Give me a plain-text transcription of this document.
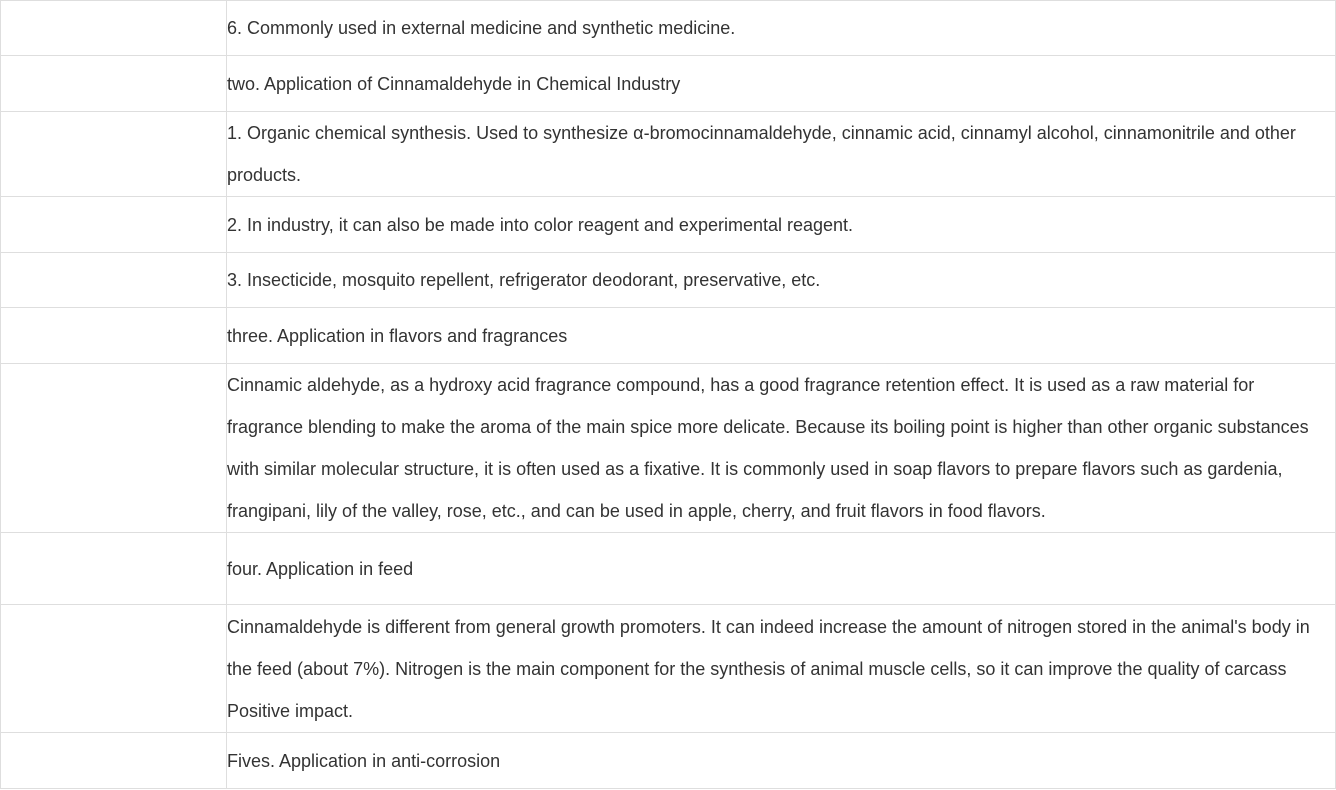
	6. Commonly used in external medicine and synthetic medicine.

	two. Application of Cinnamaldehyde in Chemical Industry

	1. Organic chemical synthesis. Used to synthesize α-bromocinnamaldehyde, cinnamic acid, cinnamyl alcohol, cinnamonitrile and other products.

	2. In industry, it can also be made into color reagent and experimental reagent.

	3. Insecticide, mosquito repellent, refrigerator deodorant, preservative, etc.

	three. Application in flavors and fragrances

	Cinnamic aldehyde, as a hydroxy acid fragrance compound, has a good fragrance retention effect. It is used as a raw material for fragrance blending to make the aroma of the main spice more delicate. Because its boiling point is higher than other organic substances with similar molecular structure, it is often used as a fixative. It is commonly used in soap flavors to prepare flavors such as gardenia, frangipani, lily of the valley, rose, etc., and can be used in apple, cherry, and fruit flavors in food flavors.

	four. Application in feed

	Cinnamaldehyde is different from general growth promoters. It can indeed increase the amount of nitrogen stored in the animal's body in the feed (about 7%). Nitrogen is the main component for the synthesis of animal muscle cells, so it can improve the quality of carcass Positive impact.

	Fives. Application in anti-corrosion
